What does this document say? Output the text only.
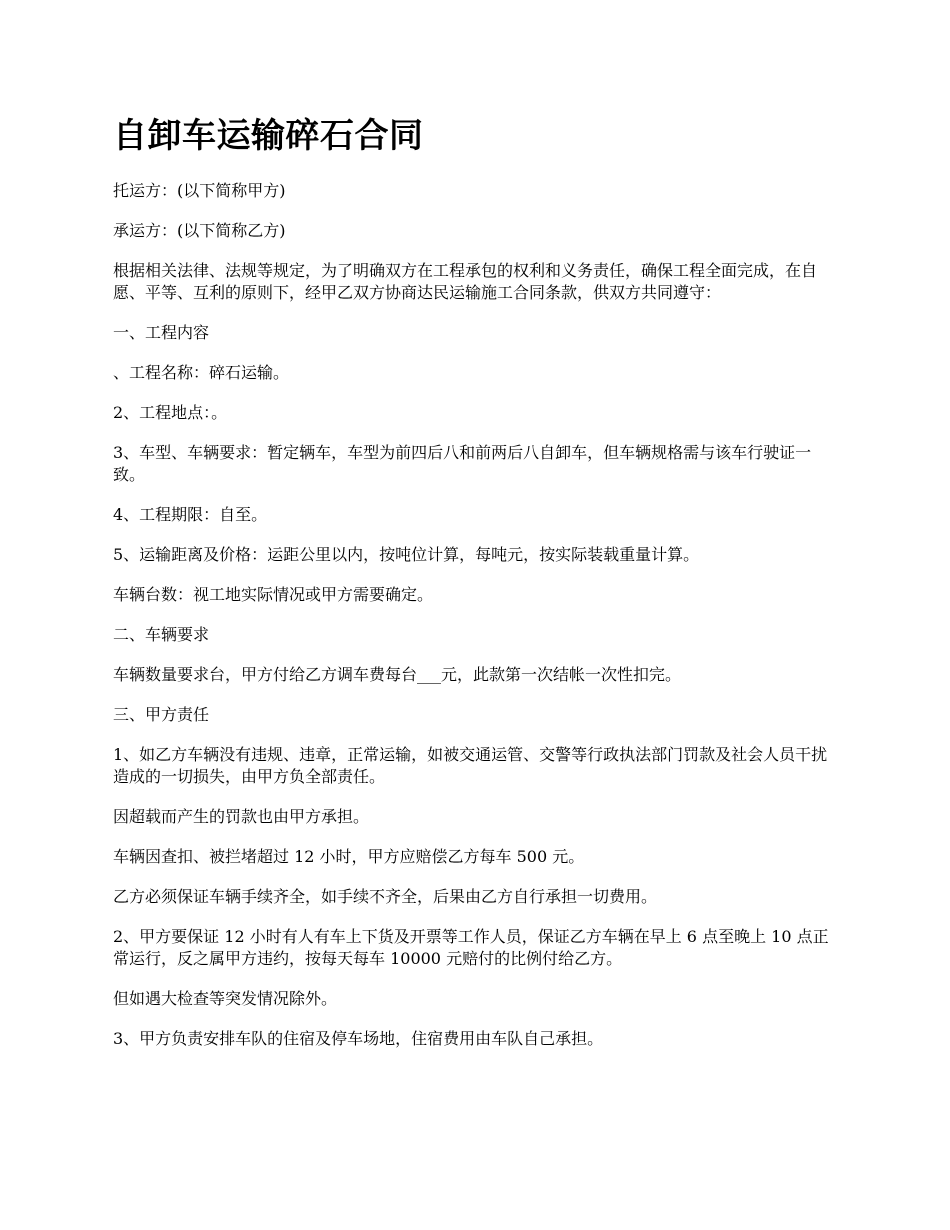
自卸车运输碎石合同

托运方：(以下简称甲方)

承运方：(以下简称乙方)

根据相关法律、法规等规定，为了明确双方在工程承包的权利和义务责任，确保工程全面完成，在自愿、平等、互利的原则下，经甲乙双方协商达民运输施工合同条款，供双方共同遵守：

一、工程内容

、工程名称：碎石运输。

2、工程地点：。

3、车型、车辆要求：暂定辆车，车型为前四后八和前两后八自卸车，但车辆规格需与该车行驶证一致。

4、工程期限：自至。

5、运输距离及价格：运距公里以内，按吨位计算，每吨元，按实际装载重量计算。

车辆台数：视工地实际情况或甲方需要确定。

二、车辆要求

车辆数量要求台，甲方付给乙方调车费每台___元，此款第一次结帐一次性扣完。

三、甲方责任

1、如乙方车辆没有违规、违章，正常运输，如被交通运管、交警等行政执法部门罚款及社会人员干扰造成的一切损失，由甲方负全部责任。

因超载而产生的罚款也由甲方承担。

车辆因查扣、被拦堵超过 12 小时，甲方应赔偿乙方每车 500 元。

乙方必须保证车辆手续齐全，如手续不齐全，后果由乙方自行承担一切费用。

2、甲方要保证 12 小时有人有车上下货及开票等工作人员，保证乙方车辆在早上 6 点至晚上 10 点正常运行，反之属甲方违约，按每天每车 10000 元赔付的比例付给乙方。

但如遇大检查等突发情况除外。

3、甲方负责安排车队的住宿及停车场地，住宿费用由车队自己承担。
